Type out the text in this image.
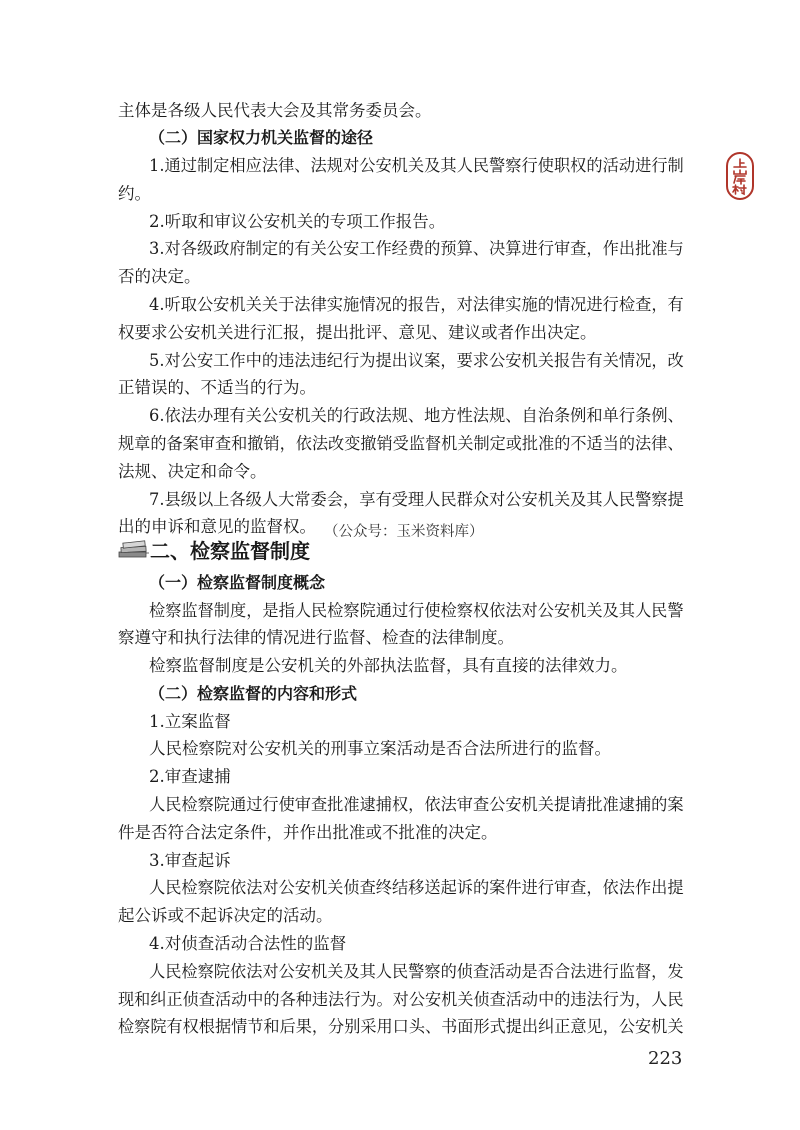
主体是各级人民代表大会及其常务委员会。
（二）国家权力机关监督的途径
1.通过制定相应法律、法规对公安机关及其人民警察行使职权的活动进行制
约。
2.听取和审议公安机关的专项工作报告。
3.对各级政府制定的有关公安工作经费的预算、决算进行审查，作出批准与
否的决定。
4.听取公安机关关于法律实施情况的报告，对法律实施的情况进行检查，有
权要求公安机关进行汇报，提出批评、意见、建议或者作出决定。
5.对公安工作中的违法违纪行为提出议案，要求公安机关报告有关情况，改
正错误的、不适当的行为。
6.依法办理有关公安机关的行政法规、地方性法规、自治条例和单行条例、
规章的备案审查和撤销，依法改变撤销受监督机关制定或批准的不适当的法律、
法规、决定和命令。
7.县级以上各级人大常委会，享有受理人民群众对公安机关及其人民警察提
出的申诉和意见的监督权。 （公众号：玉米资料库）
二、检察监督制度
（一）检察监督制度概念
检察监督制度，是指人民检察院通过行使检察权依法对公安机关及其人民警
察遵守和执行法律的情况进行监督、检查的法律制度。
检察监督制度是公安机关的外部执法监督，具有直接的法律效力。
（二）检察监督的内容和形式
1.立案监督
人民检察院对公安机关的刑事立案活动是否合法所进行的监督。
2.审查逮捕
人民检察院通过行使审查批准逮捕权，依法审查公安机关提请批准逮捕的案
件是否符合法定条件，并作出批准或不批准的决定。
3.审查起诉
人民检察院依法对公安机关侦查终结移送起诉的案件进行审查，依法作出提
起公诉或不起诉决定的活动。
4.对侦查活动合法性的监督
人民检察院依法对公安机关及其人民警察的侦查活动是否合法进行监督，发
现和纠正侦查活动中的各种违法行为。对公安机关侦查活动中的违法行为，人民
检察院有权根据情节和后果，分别采用口头、书面形式提出纠正意见，公安机关
223
